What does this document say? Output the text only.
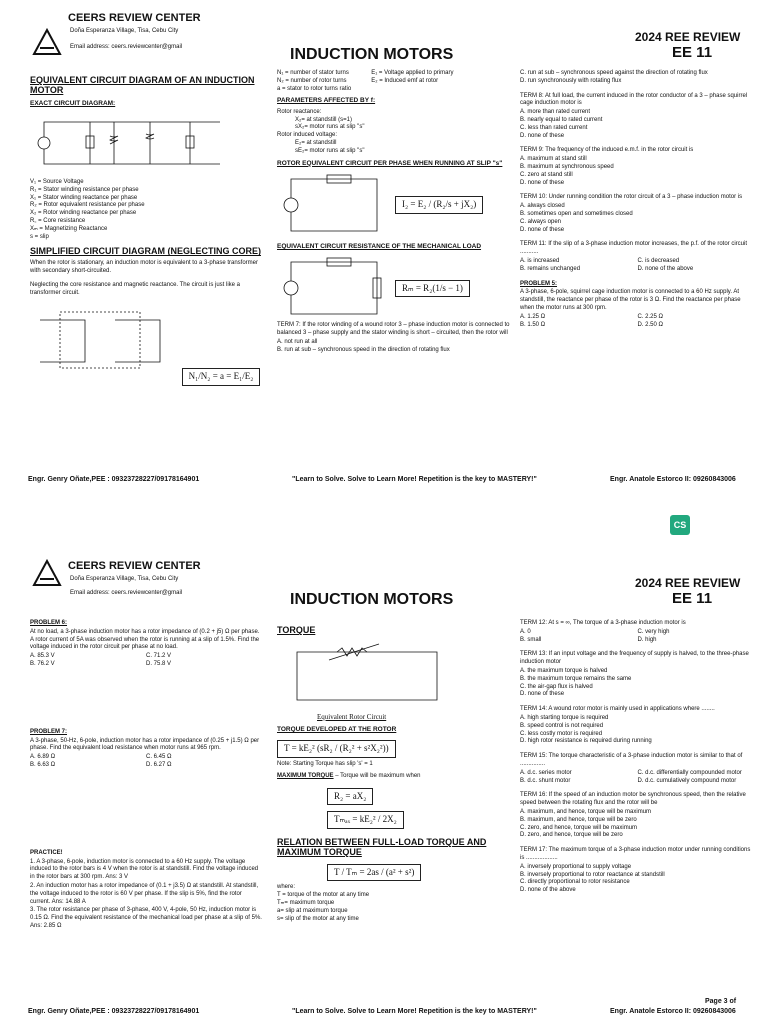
CEERS REVIEW CENTER
Doña Esperanza Village, Tisa, Cebu City
Email address: ceers.reviewcenter@gmail	INDUCTION MOTORS
2024 REE REVIEW
EE 11
EQUIVALENT CIRCUIT DIAGRAM OF AN INDUCTION MOTOR
EXACT CIRCUIT DIAGRAM:

V₁ = Source Voltage

R₁ = Stator winding resistance per phase

X₁ = Stator winding reactance per phase

R₂ = Rotor equivalent resistance per phase

X₂ = Rotor winding reactance per phase

R꜀ = Core resistance

Xₘ = Magnetizing Reactance

s = slip

SIMPLIFIED CIRCUIT DIAGRAM (NEGLECTING CORE)

When the rotor is stationary, an induction motor is equivalent to a 3-phase transformer with secondary short-circuited.

Neglecting the core resistance and magnetic reactance. The circuit is just like a transformer circuit.

N₁/N₂ = a = E₁/E₂

N₁ = number of stator turns

N₂ = number of rotor turns

a = stator to rotor turns ratio

E₁ = Voltage applied to primary

E₂ = Induced emf at rotor

PARAMETERS AFFECTED BY f:

Rotor reactance:

X₂= at standstill (s=1)

sX₂= motor runs at slip "s"

Rotor induced voltage:

E₂= at standstill

sE₂= motor runs at slip "s"

ROTOR EQUIVALENT CIRCUIT PER PHASE WHEN RUNNING AT SLIP "s"
I₂ = E₂ / (R₂/s + jX₂)
EQUIVALENT CIRCUIT RESISTANCE OF THE MECHANICAL LOAD
Rₘ = R₂(1/s − 1)

TERM 7: If the rotor winding of a wound rotor 3 – phase induction motor is connected to balanced 3 – phase supply and the stator winding is short – circuited, then the rotor will

A. not run at all

B. run at sub – synchronous speed in the direction of rotating flux

C. run at sub – synchronous speed against the direction of rotating flux

D. run synchronously with rotating flux

TERM 8: At full load, the current induced in the rotor conductor of a 3 – phase squirrel cage induction motor is

A. more than rated current

B. nearly equal to rated current

C. less than rated current

D. none of these

TERM 9: The frequency of the induced e.m.f. in the rotor circuit is

A. maximum at stand still

B. maximum at synchronous speed

C. zero at stand still

D. none of these

TERM 10: Under running condition the rotor circuit of a 3 – phase induction motor is

A. always closed

B. sometimes open and sometimes closed

C. always open

D. none of these

TERM 11: If the slip of a 3-phase induction motor increases, the p.f. of the rotor circuit ...........

A. is increased	C. is decreased

B. remains unchanged	D. none of the above

PROBLEM 5:

A 3-phase, 6-pole, squirrel cage induction motor is connected to a 60 Hz supply. At standstill, the reactance per phase of the rotor is 3 Ω. Find the reactance per phase when the motor runs at 300 rpm.

A. 1.25 Ω	C. 2.25 Ω

B. 1.50 Ω	D. 2.50 Ω

Engr. Genry Oñate,PEE : 09323728227/09178164901	"Learn to Solve. Solve to Learn More! Repetition is the key to MASTERY!"	Engr. Anatole Estorco II: 09260843006
CS
CEERS REVIEW CENTER
Doña Esperanza Village, Tisa, Cebu City
Email address: ceers.reviewcenter@gmail	INDUCTION MOTORS
2024 REE REVIEW
EE 11

PROBLEM 6:

At no load, a 3-phase induction motor has a rotor impedance of (0.2 + j5) Ω per phase. A rotor current of 5A was observed when the rotor is running at a slip of 1.5%. Find the voltage induced in the rotor circuit per phase at no load.

A. 85.3 V	C. 71.2 V

B. 76.2 V	D. 75.8 V

PROBLEM 7:

A 3-phase, 50-Hz, 6-pole, induction motor has a rotor impedance of (0.25 + j1.5) Ω per phase. Find the equivalent load resistance when motor runs at 965 rpm.

A. 6.89 Ω	C. 6.45 Ω

B. 6.63 Ω	D. 6.27 Ω

PRACTICE!

1. A 3-phase, 6-pole, induction motor is connected to a 60 Hz supply. The voltage induced to the rotor bars is 4 V when the rotor is at standstill. Find the voltage induced in the rotor bars at 300 rpm. Ans: 3 V

2. An induction motor has a rotor impedance of (0.1 + j3.5) Ω at standstill. At standstill, the voltage induced to the rotor is 60 V per phase. If the slip is 5%, find the rotor current. Ans: 14.88 A

3. The rotor resistance per phase of 3-phase, 400 V, 4-pole, 50 Hz, induction motor is 0.15 Ω. Find the equivalent resistance of the mechanical load per phase at a slip of 5%. Ans: 2.85 Ω

TORQUE
Equivalent Rotor Circuit
TORQUE DEVELOPED AT THE ROTOR
T = kE₂² (sR₂ / (R₂² + s²X₂²))

Note: Starting Torque has slip 's' = 1

MAXIMUM TORQUE – Torque will be maximum when
R₂ = aX₂
Tₘₐₓ = kE₂² / 2X₂
RELATION BETWEEN FULL-LOAD TORQUE AND MAXIMUM TORQUE
T / Tₘ = 2as / (a² + s²)

where:

T = torque of the motor at any time

Tₘ= maximum torque

a= slip at maximum torque

s= slip of the motor at any time

TERM 12: At s = ∞, The torque of a 3-phase induction motor is

A. 0	C. very high

B. small	D. high

TERM 13: If an input voltage and the frequency of supply is halved, to the three-phase induction motor

A. the maximum torque is halved

B. the maximum torque remains the same

C. the air-gap flux is halved

D. none of these

TERM 14: A wound rotor motor is mainly used in applications where ........

A. high starting torque is required

B. speed control is not required

C. less costly motor is required

D. high rotor resistance is required during running

TERM 15: The torque characteristic of a 3-phase induction motor is similar to that of ...............

A. d.c. series motor	C. d.c. differentially compounded motor

B. d.c. shunt motor	D. d.c. cumulatively compound motor

TERM 16: If the speed of an induction motor be synchronous speed, then the relative speed between the rotating flux and the rotor will be

A. maximum, and hence, torque will be maximum

B. maximum, and hence, torque will be zero

C. zero, and hence, torque will be maximum

D. zero, and hence, torque will be zero

TERM 17: The maximum torque of a 3-phase induction motor under running conditions is ...................

A. inversely proportional to supply voltage

B. inversely proportional to rotor reactance at standstill

C. directly proportional to rotor resistance

D. none of the above

Page 3 of
Engr. Genry Oñate,PEE : 09323728227/09178164901	"Learn to Solve. Solve to Learn More! Repetition is the key to MASTERY!"	Engr. Anatole Estorco II: 09260843006
